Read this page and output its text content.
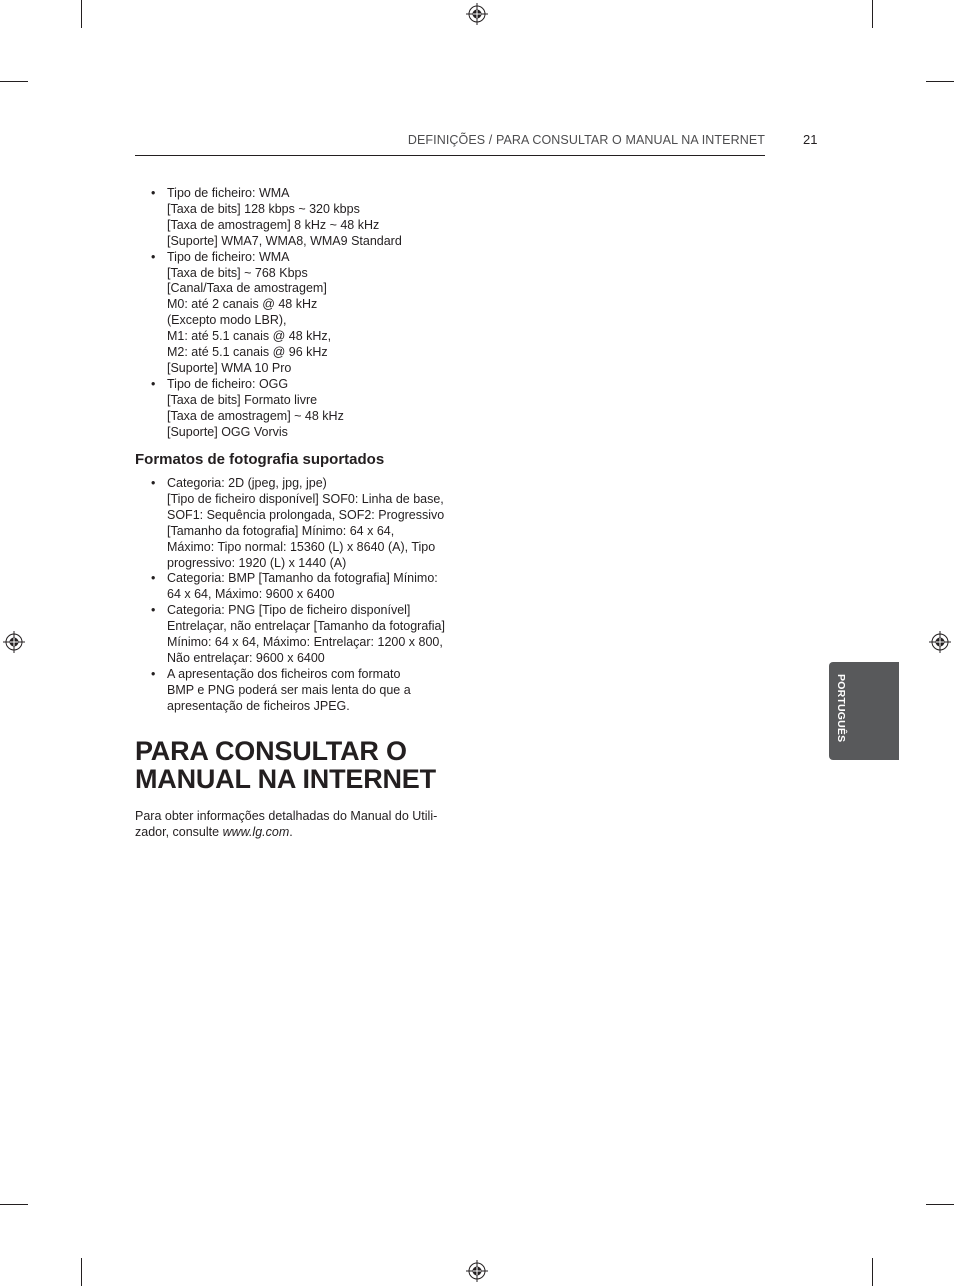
DEFINIÇÕES / PARA CONSULTAR O MANUAL NA INTERNET	21
• Tipo de ficheiro: WMA
[Taxa de bits] 128 kbps ~ 320 kbps
[Taxa de amostragem] 8 kHz ~ 48 kHz
[Suporte] WMA7, WMA8, WMA9 Standard
• Tipo de ficheiro: WMA
[Taxa de bits] ~ 768 Kbps
[Canal/Taxa de amostragem]
M0: até 2 canais @ 48 kHz
(Excepto modo LBR),
M1: até 5.1 canais @ 48 kHz,
M2: até 5.1 canais @ 96 kHz
[Suporte] WMA 10 Pro
• Tipo de ficheiro: OGG
[Taxa de bits] Formato livre
[Taxa de amostragem] ~ 48 kHz
[Suporte] OGG Vorvis
Formatos de fotografia suportados
• Categoria: 2D (jpeg, jpg, jpe)
[Tipo de ficheiro disponível] SOF0: Linha de base,
SOF1: Sequência prolongada, SOF2: Progressivo
[Tamanho da fotografia] Mínimo: 64 x 64,
Máximo: Tipo normal: 15360 (L) x 8640 (A), Tipo
progressivo: 1920 (L) x 1440 (A)
• Categoria: BMP [Tamanho da fotografia] Mínimo:
64 x 64, Máximo: 9600 x 6400
• Categoria: PNG [Tipo de ficheiro disponível]
Entrelaçar, não entrelaçar [Tamanho da fotografia]
Mínimo: 64 x 64, Máximo: Entrelaçar: 1200 x 800,
Não entrelaçar: 9600 x 6400
• A apresentação dos ficheiros com formato
BMP e PNG poderá ser mais lenta do que a
apresentação de ficheiros JPEG.
PARA CONSULTAR O
MANUAL NA INTERNET
Para obter informações detalhadas do Manual do Utili-
zador, consulte www.lg.com.
PORTUGUÊS
